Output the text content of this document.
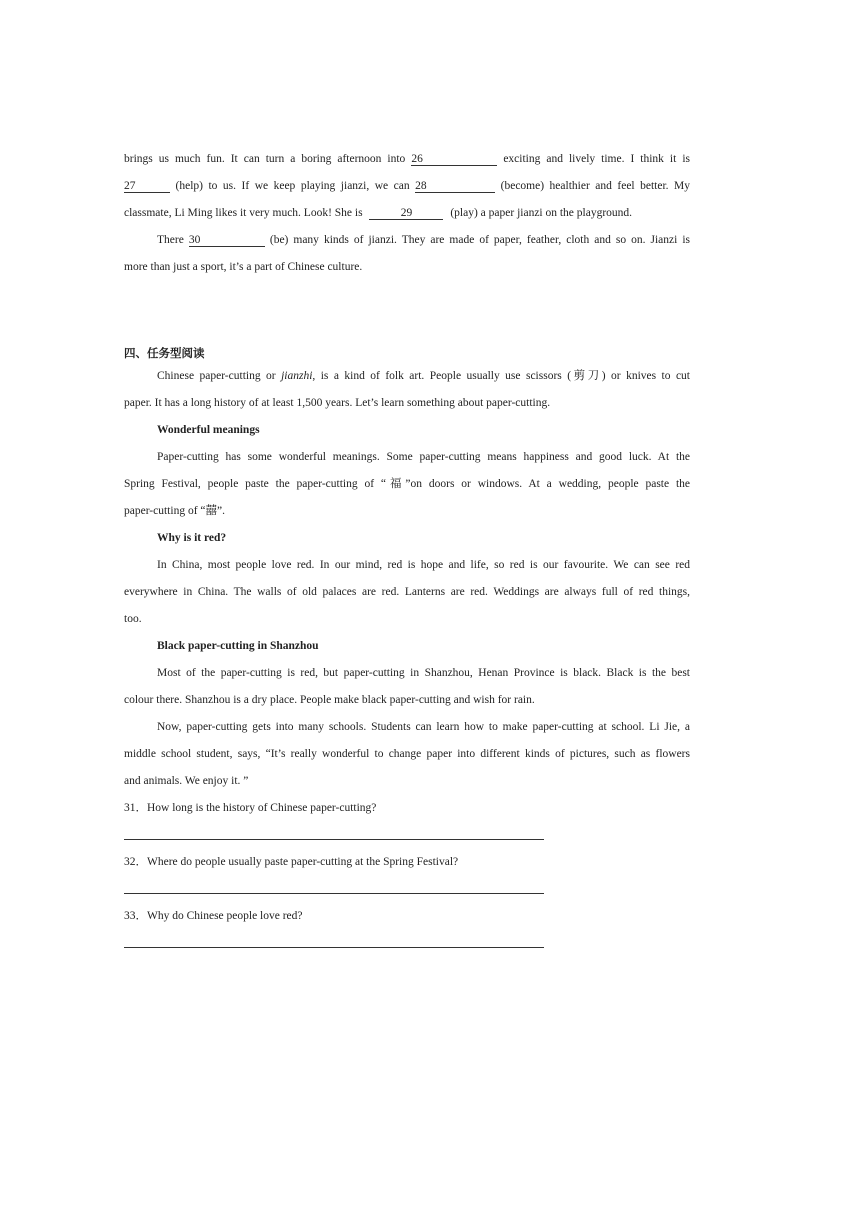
brings us much fun. It can turn a boring afternoon into 26	exciting and lively time. I think it is
27	(help) to us. If we keep playing jianzi, we can 28	(become) healthier and feel better. My
classmate, Li Ming likes it very much. Look! She is	29	(play) a paper jianzi on the playground.
There 30	(be) many kinds of jianzi. They are made of paper, feather, cloth and so on. Jianzi is
more than just a sport, it’s a part of Chinese culture.
四、任务型阅读
Chinese paper-cutting or jianzhi, is a kind of folk art. People usually use scissors (剪刀) or knives to cut
paper. It has a long history of at least 1,500 years. Let’s learn something about paper-cutting.
Wonderful meanings
Paper-cutting has some wonderful meanings. Some paper-cutting means happiness and good luck. At the
Spring Festival, people paste the paper-cutting of “福”on doors or windows. At a wedding, people paste the
paper-cutting of “囍”.
Why is it red?
In China, most people love red. In our mind, red is hope and life, so red is our favourite. We can see red
everywhere in China. The walls of old palaces are red. Lanterns are red. Weddings are always full of red things,
too.
Black paper-cutting in Shanzhou
Most of the paper-cutting is red, but paper-cutting in Shanzhou, Henan Province is black. Black is the best
colour there. Shanzhou is a dry place. People make black paper-cutting and wish for rain.
Now, paper-cutting gets into many schools. Students can learn how to make paper-cutting at school. Li Jie, a
middle school student, says, “It’s really wonderful to change paper into different kinds of pictures, such as flowers
and animals. We enjoy it. ”
31．How long is the history of Chinese paper-cutting?
32．Where do people usually paste paper-cutting at the Spring Festival?
33．Why do Chinese people love red?
